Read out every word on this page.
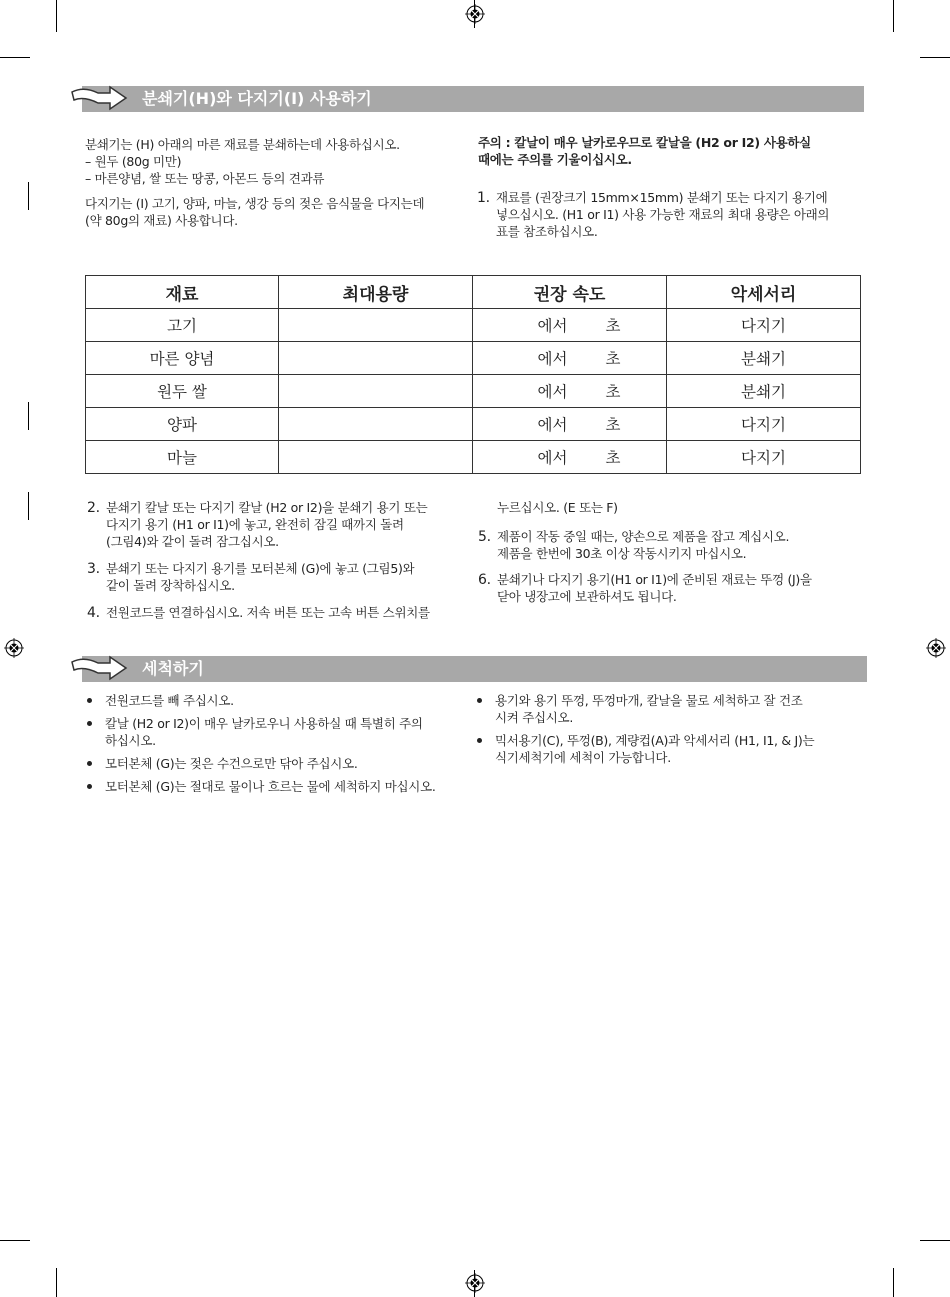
분쇄기(H)와 다지기(I) 사용하기

분쇄기는 (H) 아래의 마른 재료를 분쇄하는데 사용하십시오.

– 원두 (80g 미만)

– 마른양념, 쌀 또는 땅콩, 아몬드 등의 견과류

다지기는 (I) 고기, 양파, 마늘, 생강 등의 젖은 음식물을 다지는데

(약 80g의 재료) 사용합니다.

주의 : 칼날이 매우 날카로우므로 칼날을 (H2 or I2) 사용하실

때에는 주의를 기울이십시오.

1. 재료를 (권장크기 15mm×15mm) 분쇄기 또는 다지기 용기에
넣으십시오. (H1 or I1) 사용 가능한 재료의 최대 용량은 아래의
표를 참조하십시오.
재료	최대용량	권장 속도	악세서리
고기		에서 초	다지기
마른 양념		에서 초	분쇄기
원두 쌀		에서 초	분쇄기
양파		에서 초	다지기
마늘		에서 초	다지기
2. 분쇄기 칼날 또는 다지기 칼날 (H2 or I2)을 분쇄기 용기 또는
다지기 용기 (H1 or I1)에 놓고, 완전히 잠길 때까지 돌려
(그림4)와 같이 돌려 잠그십시오.
3. 분쇄기 또는 다지기 용기를 모터본체 (G)에 놓고 (그림5)와
같이 돌려 장착하십시오.
4. 전원코드를 연결하십시오. 저속 버튼 또는 고속 버튼 스위치를
누르십시오. (E 또는 F)
5. 제품이 작동 중일 때는, 양손으로 제품을 잡고 계십시오.
제품을 한번에 30초 이상 작동시키지 마십시오.
6. 분쇄기나 다지기 용기(H1 or I1)에 준비된 재료는 뚜껑 (J)을
닫아 냉장고에 보관하셔도 됩니다.
세척하기
전원코드를 빼 주십시오.
칼날 (H2 or I2)이 매우 날카로우니 사용하실 때 특별히 주의
하십시오.
모터본체 (G)는 젖은 수건으로만 닦아 주십시오.
모터본체 (G)는 절대로 물이나 흐르는 물에 세척하지 마십시오.
용기와 용기 뚜껑, 뚜껑마개, 칼날을 물로 세척하고 잘 건조
시켜 주십시오.
믹서용기(C), 뚜껑(B), 계량컵(A)과 악세서리 (H1, I1, & J)는
식기세척기에 세척이 가능합니다.
